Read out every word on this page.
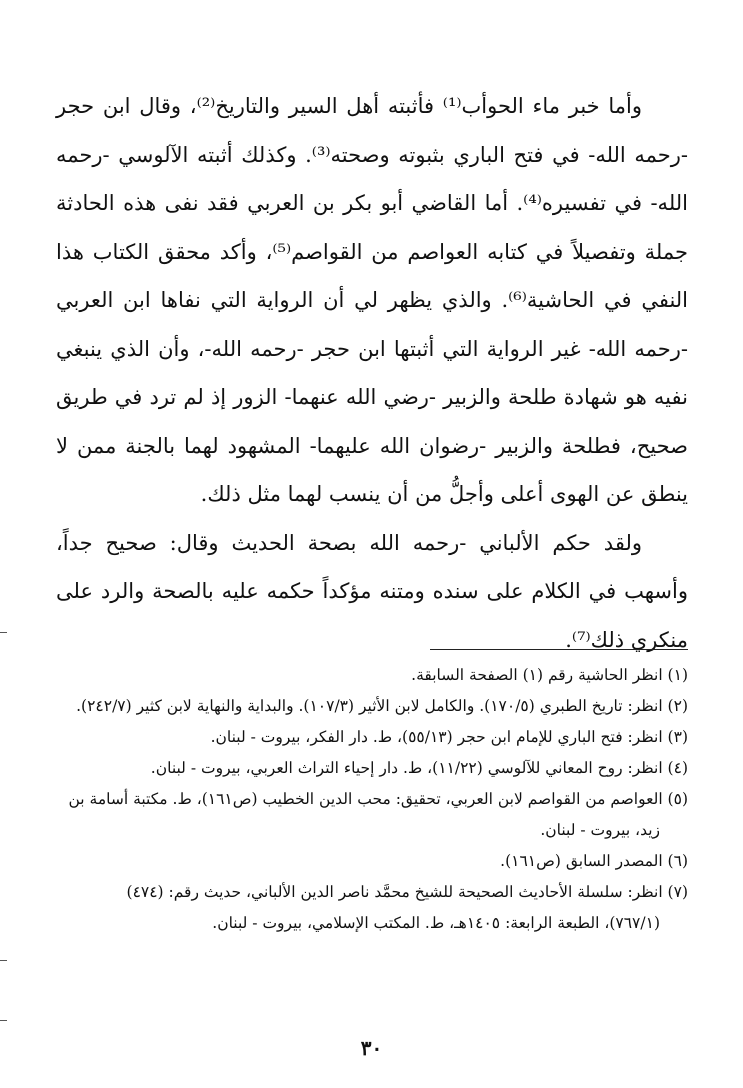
وأما خبر ماء الحوأب⁽¹⁾ فأثبته أهل السير والتاريخ⁽²⁾، وقال ابن حجر -رحمه الله- في فتح الباري بثبوته وصحته⁽³⁾. وكذلك أثبته الآلوسي -رحمه الله- في تفسيره⁽⁴⁾. أما القاضي أبو بكر بن العربي فقد نفى هذه الحادثة جملة وتفصيلاً في كتابه العواصم من القواصم⁽⁵⁾، وأكد محقق الكتاب هذا النفي في الحاشية⁽⁶⁾. والذي يظهر لي أن الرواية التي نفاها ابن العربي -رحمه الله- غير الرواية التي أثبتها ابن حجر -رحمه الله-، وأن الذي ينبغي نفيه هو شهادة طلحة والزبير -رضي الله عنهما- الزور إذ لم ترد في طريق صحيح، فطلحة والزبير -رضوان الله عليهما- المشهود لهما بالجنة ممن لا ينطق عن الهوى أعلى وأجلُّ من أن ينسب لهما مثل ذلك.

ولقد حكم الألباني -رحمه الله بصحة الحديث وقال: صحيح جداً، وأسهب في الكلام على سنده ومتنه مؤكداً حكمه عليه بالصحة والرد على منكري ذلك⁽⁷⁾.

(١) انظر الحاشية رقم (١) الصفحة السابقة.

(٢) انظر: تاريخ الطبري (١٧٠/٥). والكامل لابن الأثير (١٠٧/٣). والبداية والنهاية لابن كثير (٢٤٢/٧).

(٣) انظر: فتح الباري للإمام ابن حجر (٥٥/١٣)، ط. دار الفكر، بيروت - لبنان.

(٤) انظر: روح المعاني للآلوسي (١١/٢٢)، ط. دار إحياء التراث العربي، بيروت - لبنان.

(٥) العواصم من القواصم لابن العربي، تحقيق: محب الدين الخطيب (ص١٦١)، ط. مكتبة أسامة بن

زيد، بيروت - لبنان.

(٦) المصدر السابق (ص١٦١).

(٧) انظر: سلسلة الأحاديث الصحيحة للشيخ محمَّد ناصر الدين الألباني، حديث رقم: (٤٧٤)

(٧٦٧/١)، الطبعة الرابعة: ١٤٠٥هـ، ط. المكتب الإسلامي، بيروت - لبنان.

٣٠
